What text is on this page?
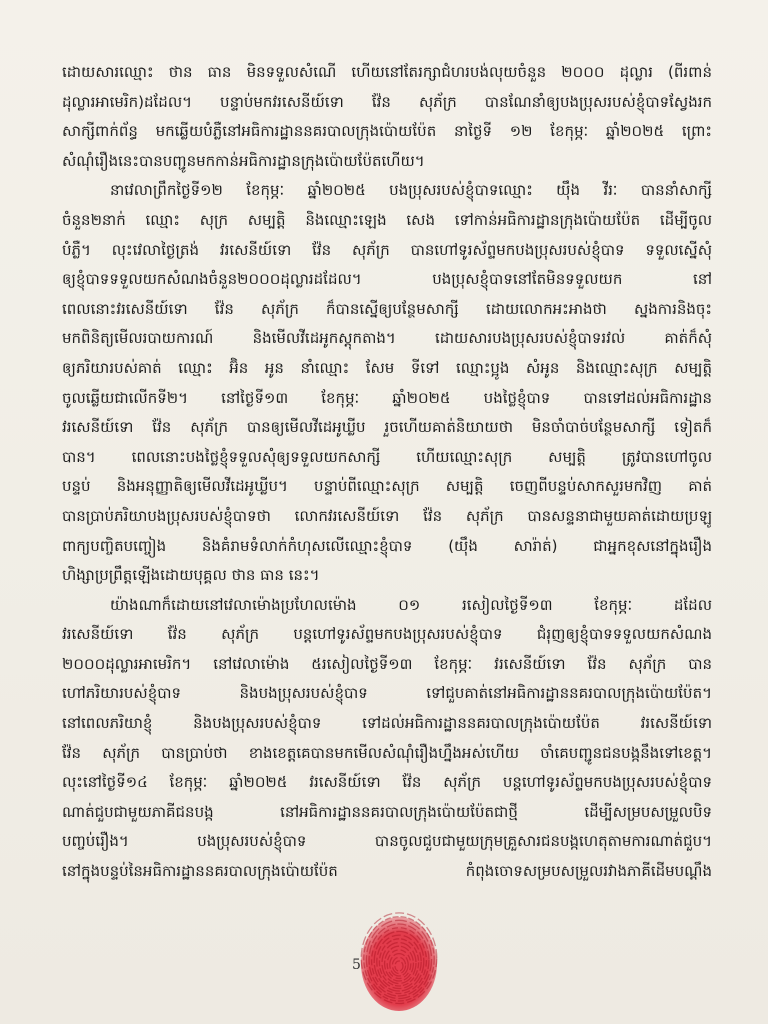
ដោយសារឈ្មោះ ថាន ធាន មិនទទួលសំណើ ហើយនៅតែរក្សាជំហរបង់លុយចំនួន ២០០០ ដុល្លារ (ពីរពាន់
ដុល្លារអាមេរិក)ដដែល។ បន្ទាប់មកវរសេនីយ៍ទោ វ៉ែន សុភ័ក្រ បានណែនាំឲ្យបងប្រុសរបស់ខ្ញុំបាទស្វែងរក
សាក្សីពាក់ព័ន្ធ មកឆ្លើយបំភ្លឺនៅអធិការដ្ឋាននគរបាលក្រុងប៉ោយប៉ែត នាថ្ងៃទី ១២ ខែកុម្ភៈ ឆ្នាំ២០២៥ ព្រោះ
សំណុំរឿងនេះបានបញ្ជូនមកកាន់អធិការដ្ឋានក្រុងប៉ោយប៉ែតហើយ។

នាវេលាព្រឹកថ្ងៃទី១២ ខែកុម្ភៈ ឆ្នាំ២០២៥ បងប្រុសរបស់ខ្ញុំបាទឈ្មោះ យ៉ឹង វីរៈ បាននាំសាក្សី
ចំនួន២នាក់ ឈ្មោះ សុក្រ សម្បត្តិ និងឈ្មោះឡេង សេង ទៅកាន់អធិការដ្ឋានក្រុងប៉ោយប៉ែត ដើម្បីចូល
បំភ្លឺ។ លុះវេលាថ្ងៃត្រង់ វរសេនីយ៍ទោ វ៉ែន សុភ័ក្រ បានហៅទូរស័ព្ទមកបងប្រុសរបស់ខ្ញុំបាទ ទទួលស្នើសុំ
ឲ្យខ្ញុំបាទទទួលយកសំណងចំនួន២០០០ដុល្លារដដែល។ បងប្រុសខ្ញុំបាទនៅតែមិនទទួលយក នៅ
ពេលនោះវរសេនីយ៍ទោ វ៉ែន សុភ័ក្រ ក៏បានស្នើឲ្យបន្ថែមសាក្សី ដោយលោកអះអាងថា ស្នងការនិងចុះ
មកពិនិត្យមើលរបាយការណ៍ និងមើលវីដេអូកស្តុកតាង។ ដោយសារបងប្រុសរបស់ខ្ញុំបាទរវល់ គាត់ក៏សុំ
ឲ្យភរិយារបស់គាត់ ឈ្មោះ អ៊ិន អូន នាំឈ្មោះ សែម ទីទៅ ឈ្មោះប្អូង សំអូន និងឈ្មោះសុក្រ សម្បត្តិ
ចូលឆ្លើយជាលើកទី២។ នៅថ្ងៃទី១៣ ខែកុម្ភៈ ឆ្នាំ២០២៥ បងថ្លៃខ្ញុំបាទ បានទៅដល់អធិការដ្ឋាន
វរសេនីយ៍ទោ វ៉ែន សុភ័ក្រ បានឲ្យមើលវីដេអូឃ្លីប រួចហើយគាត់និយាយថា មិនចាំបាច់បន្ថែមសាក្សី ទៀតក៏
បាន។ ពេលនោះបងថ្លៃខ្ញុំទទួលសុំឲ្យទទួលយកសាក្សី ហើយឈ្មោះសុក្រ សម្បត្តិ ត្រូវបានហៅចូល
បន្ទប់ និងអនុញ្ញាតិឲ្យមើលវីដេអូឃ្លីប។ បន្ទាប់ពីឈ្មោះសុក្រ សម្បត្តិ ចេញពីបន្ទប់សាកសួរមកវិញ គាត់
បានប្រាប់ភរិយាបងប្រុសរបស់ខ្ញុំបាទថា លោកវរសេនីយ៍ទោ វ៉ែន សុភ័ក្រ បានសន្ទនាជាមួយគាត់ដោយប្រឡូ
ពាក្យបញ្ចិតបញ្ចៀង និងគំរាមទំលាក់កំហុសលើឈ្មោះខ្ញុំបាទ (យ៉ឹង សារ៉ាត់) ជាអ្នកខុសនៅក្នុងរឿង
ហិង្សាប្រព្រឹត្តឡើងដោយបុគ្គល ថាន ធាន នេះ។

យ៉ាងណាក៏ដោយនៅវេលាម៉ោងប្រហែលម៉ោង ០១ រសៀលថ្ងៃទី១៣ ខែកុម្ភៈ ដដែល
វរសេនីយ៍ទោ វ៉ែន សុភ័ក្រ បន្តហៅទូរស័ព្ទមកបងប្រុសរបស់ខ្ញុំបាទ ជំរុញឲ្យខ្ញុំបាទទទួលយកសំណង
២០០០ដុល្លារអាមេរិក។ នៅវេលាម៉ោង ៥រសៀលថ្ងៃទី១៣ ខែកុម្ភៈ វរសេនីយ៍ទោ វ៉ែន សុភ័ក្រ បាន
ហៅភរិយារបស់ខ្ញុំបាទ និងបងប្រុសរបស់ខ្ញុំបាទ ទៅជួបគាត់នៅអធិការដ្ឋាននគរបាលក្រុងប៉ោយប៉ែត។
នៅពេលភរិយាខ្ញុំ និងបងប្រុសរបស់ខ្ញុំបាទ ទៅដល់អធិការដ្ឋាននគរបាលក្រុងប៉ោយប៉ែត វរសេនីយ៍ទោ
វ៉ែន សុភ័ក្រ បានប្រាប់ថា ខាងខេត្តគេបានមកមើលសំណុំរឿងហ្នឹងអស់ហើយ ចាំគេបញ្ជូនជនបង្កនឹងទៅខេត្ត។
លុះនៅថ្ងៃទី១៤ ខែកុម្ភៈ ឆ្នាំ២០២៥ វរសេនីយ៍ទោ វ៉ែន សុភ័ក្រ បន្តហៅទូរស័ព្ទមកបងប្រុសរបស់ខ្ញុំបាទ
ណាត់ជួបជាមួយភាគីជនបង្ក នៅអធិការដ្ឋាននគរបាលក្រុងប៉ោយប៉ែតជាថ្មី ដើម្បីសម្របសម្រួលបិទ
បញ្ចប់រឿង។ បងប្រុសរបស់ខ្ញុំបាទ បានចូលជួបជាមួយក្រុមគ្រួសារជនបង្កហេតុតាមការណាត់ជួប។
នៅក្នុងបន្ទប់នៃអធិការដ្ឋាននគរបាលក្រុងប៉ោយប៉ែត កំពុងចោទសម្របសម្រួលរវាងភាគីដើមបណ្តឹង

5
